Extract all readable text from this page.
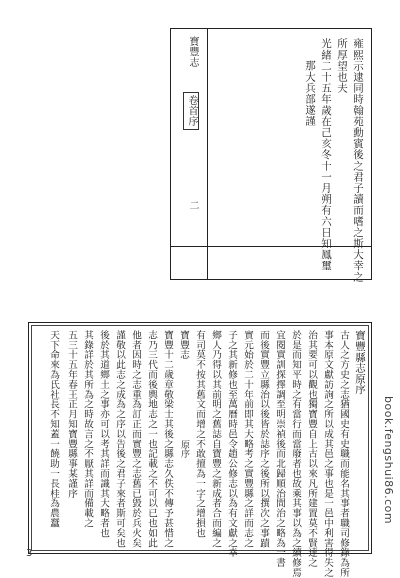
雍熙示逮同時翰苑勳賓後之君子讀而嗜之斯大幸之
所厚望也夫
光緒二十五年歲在己亥冬十一月朔有六日知鳳璽
那大兵部遂謹
寶豐志
卷首序
二
寶豐縣志原序
古人之方史之志猶國史有史職而能名其事者職司修錄為所
事本原文獻訪詢之所以成其邑之事也是一邑中利害得失之
治其要可以觀也獨寶豐自上古以來凡所建置莫不賢達之
於是而知平時之有當行而當廢者也故乘其事以為之續修焉
宜閱實訓探擇調至明崇禎後而北歸順治間治之略為一書
而後實豐立縣治以後皆於誌序之後所以撰次之事蹟
實元始於二十年前即其大略考之實豐縣之詳而志之
子之其新修也至萬曆時邑令趙公修志以為有文獻之幸
鄉人乃得以其前明之舊誌自寶豐之新成者合而編之
有司莫不按其舊文而增之不敢擅為一字之增損也
寶豐志
寶豐十二歲章敬梁士其後之縣志久佚不傳予甚惜之
志乃三代而後輿地志之一也記載之不可以已也如此
他者因時之志重為訂正而實豐之志舊已毀於兵火矣
謹敬以此志之成為之序以告後之君子來者斯可矣也
後於其道鄉土之事亦可以考其詳而識其大略者也
其錄詳於其所為之時故言之不厭其詳而備載之
五三十五年春王正月知寶豐縣事某謹序
天下命來為氏社長不知蓋一饒助一長桂為農蠶	原序
3
book.fengshui86.com
